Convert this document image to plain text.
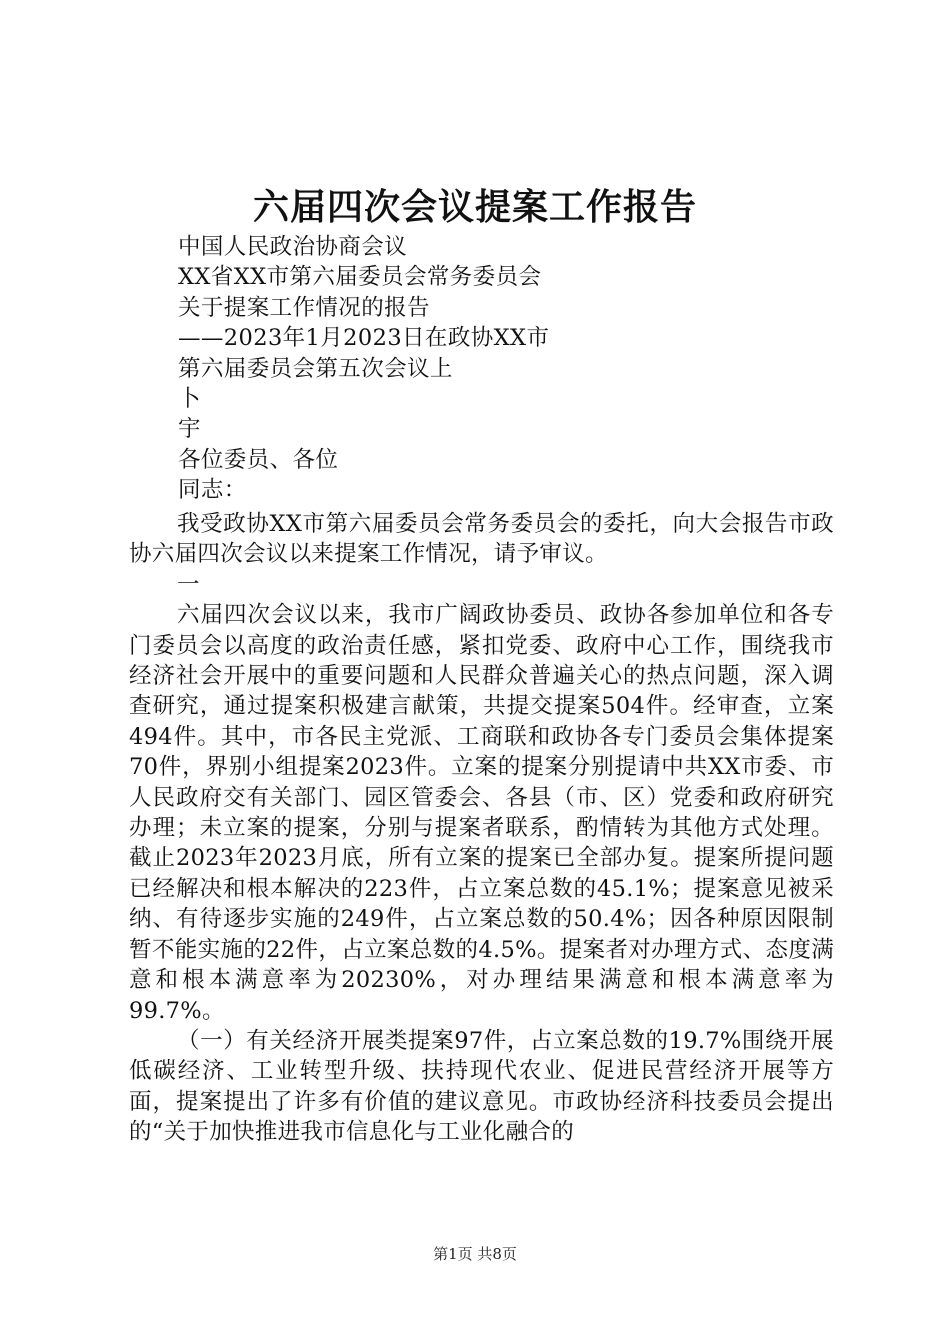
六届四次会议提案工作报告
中国人民政治协商会议
XX省XX市第六届委员会常务委员会
关于提案工作情况的报告
——2023年1月2023日在政协XX市
第六届委员会第五次会议上
卜
宇
各位委员、各位
同志：

我受政协XX市第六届委员会常务委员会的委托，向大会报告市政协六届四次会议以来提案工作情况，请予审议。

一

六届四次会议以来，我市广阔政协委员、政协各参加单位和各专门委员会以高度的政治责任感，紧扣党委、政府中心工作，围绕我市经济社会开展中的重要问题和人民群众普遍关心的热点问题，深入调查研究，通过提案积极建言献策，共提交提案504件。经审查，立案494件。其中，市各民主党派、工商联和政协各专门委员会集体提案70件，界别小组提案2023件。立案的提案分别提请中共XX市委、市人民政府交有关部门、园区管委会、各县（市、区）党委和政府研究办理；未立案的提案，分别与提案者联系，酌情转为其他方式处理。截止2023年2023月底，所有立案的提案已全部办复。提案所提问题已经解决和根本解决的223件，占立案总数的45.1%；提案意见被采纳、有待逐步实施的249件，占立案总数的50.4%；因各种原因限制暂不能实施的22件，占立案总数的4.5%。提案者对办理方式、态度满意和根本满意率为20230%，对办理结果满意和根本满意率为99.7%。

（一）有关经济开展类提案97件，占立案总数的19.7%围绕开展低碳经济、工业转型升级、扶持现代农业、促进民营经济开展等方面，提案提出了许多有价值的建议意见。市政协经济科技委员会提出的“关于加快推进我市信息化与工业化融合的

第1页 共8页
